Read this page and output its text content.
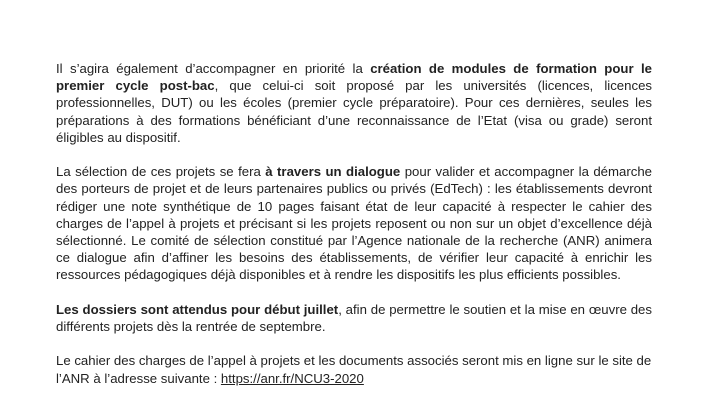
Il s’agira également d’accompagner en priorité la création de modules de formation pour le premier cycle post-bac, que celui-ci soit proposé par les universités (licences, licences professionnelles, DUT) ou les écoles (premier cycle préparatoire). Pour ces dernières, seules les préparations à des formations bénéficiant d’une reconnaissance de l’Etat (visa ou grade) seront éligibles au dispositif.

La sélection de ces projets se fera à travers un dialogue pour valider et accompagner la démarche des porteurs de projet et de leurs partenaires publics ou privés (EdTech) : les établissements devront rédiger une note synthétique de 10 pages faisant état de leur capacité à respecter le cahier des charges de l’appel à projets et précisant si les projets reposent ou non sur un objet d’excellence déjà sélectionné. Le comité de sélection constitué par l’Agence nationale de la recherche (ANR) animera ce dialogue afin d’affiner les besoins des établissements, de vérifier leur capacité à enrichir les ressources pédagogiques déjà disponibles et à rendre les dispositifs les plus efficients possibles.

Les dossiers sont attendus pour début juillet, afin de permettre le soutien et la mise en œuvre des différents projets dès la rentrée de septembre.

Le cahier des charges de l’appel à projets et les documents associés seront mis en ligne sur le site de l’ANR à l’adresse suivante : https://anr.fr/NCU3-2020
